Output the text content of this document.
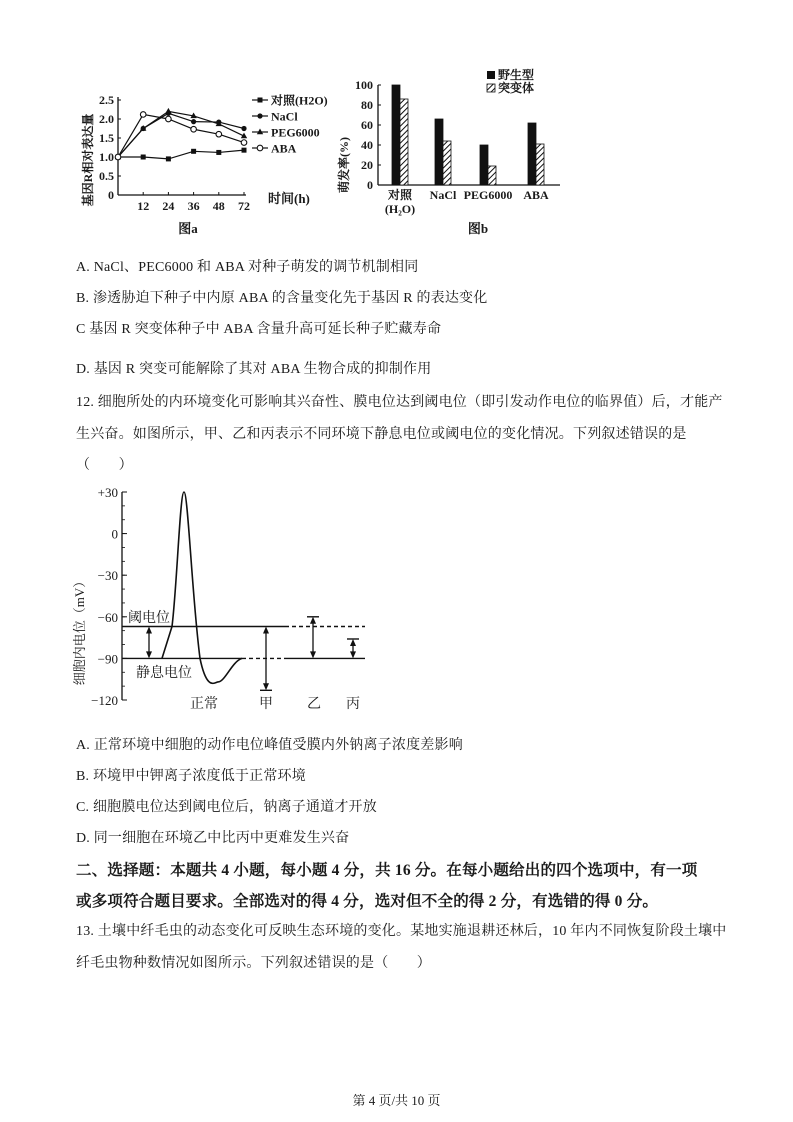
0
0.5
1.0
1.5
2.0
2.5
12 24 36 48 72
对照(H2O)
NaCl
PEG6000
ABA
基因R相对表达量	时间(h)
图a
0
20
40
60
80
100
对照
(H₂O)
NaCl PEG6000 ABA
野生型
突变体
萌发率(%)
图b
A. NaCl、PEC6000 和 ABA 对种子萌发的调节机制相同
B. 渗透胁迫下种子中内原 ABA 的含量变化先于基因 R 的表达变化
C 基因 R 突变体种子中 ABA 含量升高可延长种子贮藏寿命
D. 基因 R 突变可能解除了其对 ABA 生物合成的抑制作用
12. 细胞所处的内环境变化可影响其兴奋性、膜电位达到阈电位（即引发动作电位的临界值）后，才能产
生兴奋。如图所示，甲、乙和丙表示不同环境下静息电位或阈电位的变化情况。下列叙述错误的是
（　　）
+30
0
−30
−60
−90
−120
细胞内电位（mV）	阈电位
静息电位
正常	甲 乙 丙
A. 正常环境中细胞的动作电位峰值受膜内外钠离子浓度差影响
B. 环境甲中钾离子浓度低于正常环境
C. 细胞膜电位达到阈电位后，钠离子通道才开放
D. 同一细胞在环境乙中比丙中更难发生兴奋
二、选择题：本题共 4 小题，每小题 4 分，共 16 分。在每小题给出的四个选项中，有一项
或多项符合题目要求。全部选对的得 4 分，选对但不全的得 2 分，有选错的得 0 分。
13. 土壤中纤毛虫的动态变化可反映生态环境的变化。某地实施退耕还林后，10 年内不同恢复阶段土壤中
纤毛虫物种数情况如图所示。下列叙述错误的是（　　）
第 4 页/共 10 页
